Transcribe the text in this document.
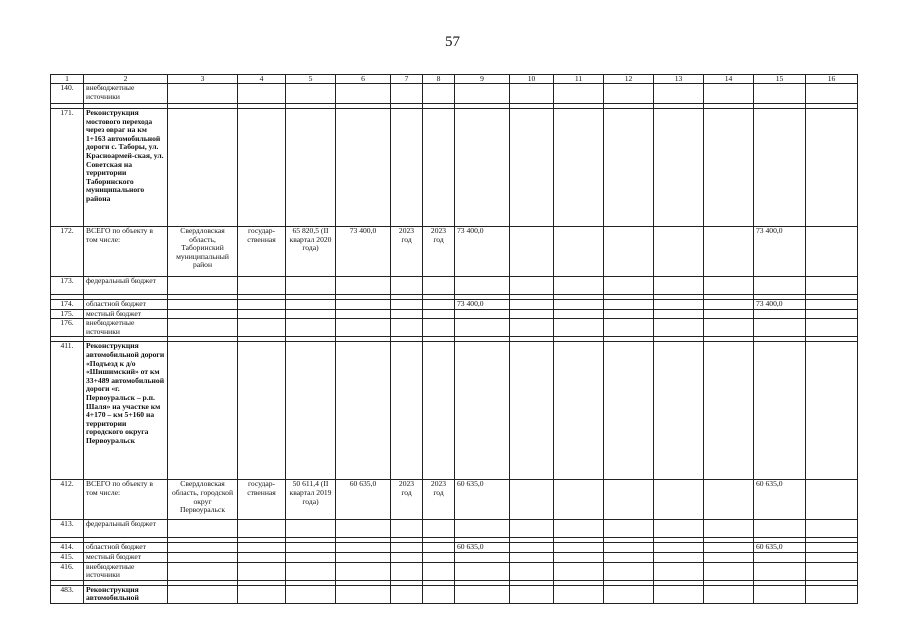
57
1	2	3	4	5	6	7	8	9	10	11	12	13	14	15	16
140.	внебюджетные источники														

171.	Реконструкция мостового перехода через овраг на км 1+163 автомобильной дороги с. Таборы, ул. Красноармей-ская, ул. Советская на территории Таборинского муниципального района														
172.	ВСЕГО по объекту в том числе:	Свердловская область, Таборинский муниципальный район	государ-ственная	65 820,5 (II квартал 2020 года)	73 400,0	2023 год	2023 год	73 400,0						73 400,0	
173.	федеральный бюджет														

174.	областной бюджет							73 400,0						73 400,0	
175.	местный бюджет														
176.	внебюджетные источники														

411.	Реконструкция автомобильной дороги «Подъезд к д/о «Шишимский» от км 33+489 автомобильной дороги «г. Первоуральск – р.п. Шаля» на участке км 4+170 – км 5+160 на территории городского округа Первоуральск														
412.	ВСЕГО по объекту в том числе:	Свердловская область, городской округ Первоуральск	государ-ственная	50 611,4 (II квартал 2019 года)	60 635,0	2023 год	2023 год	60 635,0						60 635,0	
413.	федеральный бюджет														

414.	областной бюджет							60 635,0						60 635,0	
415.	местный бюджет														
416.	внебюджетные источники														

483.	Реконструкция автомобильной														
